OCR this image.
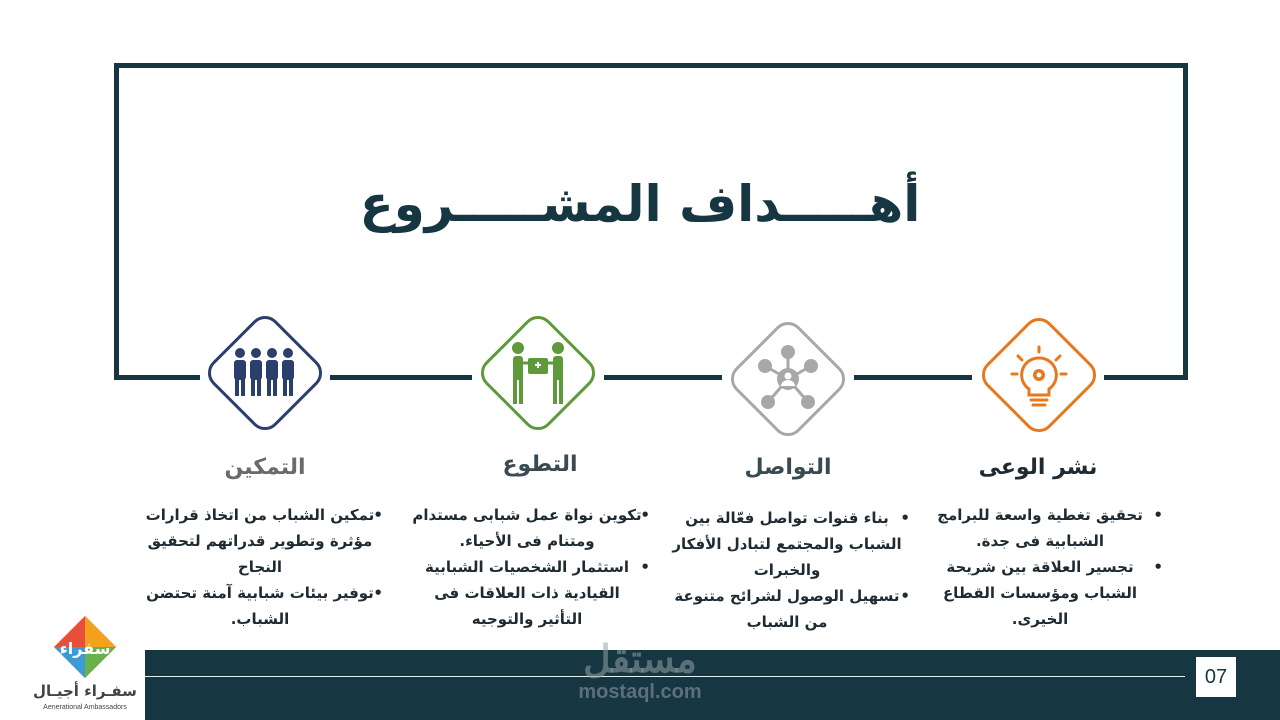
أهـــــداف المشـــــروع
نشر الوعى
• تحقيق تغطية واسعة للبرامج الشبابية فى جدة.
• تجسير العلاقة بين شريحة الشباب ومؤسسات القطاع الخيرى.
التواصل
• بناء قنوات تواصل فعّالة بين الشباب والمجتمع لتبادل الأفكار والخبرات
• تسهيل الوصول لشرائح متنوعة من الشباب
التطوع
• تكوين نواة عمل شبابى مستدام ومتنام فى الأحياء.
• استثمار الشخصيات الشبابية القيادية ذات العلاقات فى التأثير والتوجيه
التمكين
• تمكين الشباب من اتخاذ قرارات مؤثرة وتطوير قدراتهم لتحقيق النجاح
• توفير بيئات شبابية آمنة تحتضن الشباب.
07
مستقل
mostaql.com
سفراء
سفـراء أجيـال
Aenerational Ambassadors
